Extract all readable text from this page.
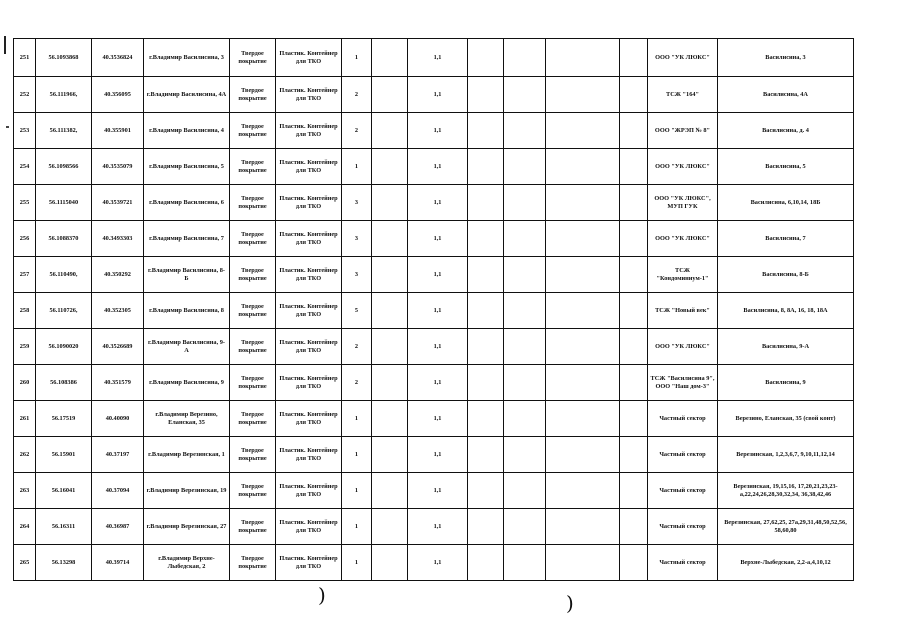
251	56.1093868	40.3536824	г.Владимир Василисина, 3	Твердое покрытие	Пластик. Контейнер для ТКО	1		1,1					ООО "УК ЛЮКС"	Василисина, 3
252	56.111966,	40.356095	г.Владимир Василисина, 4А	Твердое покрытие	Пластик. Контейнер для ТКО	2		1,1					ТСЖ "164"	Василисина, 4А
253	56.111382,	40.355901	г.Владимир Василисина, 4	Твердое покрытие	Пластик. Контейнер для ТКО	2		1,1					ООО "ЖРЭП № 8"	Василисина, д. 4
254	56.1098566	40.3535079	г.Владимир Василисина, 5	Твердое покрытие	Пластик. Контейнер для ТКО	1		1,1					ООО "УК ЛЮКС"	Василисина, 5
255	56.1115040	40.3539721	г.Владимир Василисина, 6	Твердое покрытие	Пластик. Контейнер для ТКО	3		1,1					ООО "УК ЛЮКС", МУП ГУК	Василисина, 6,10,14, 18Б
256	56.1088370	40.3493303	г.Владимир Василисина, 7	Твердое покрытие	Пластик. Контейнер для ТКО	3		1,1					ООО "УК ЛЮКС"	Василисина, 7
257	56.110490,	40.350292	г.Владимир Василисина, 8-Б	Твердое покрытие	Пластик. Контейнер для ТКО	3		1,1					ТСЖ "Кондоминиум-1"	Василисина, 8-Б
258	56.110726,	40.352305	г.Владимир Василисина, 8	Твердое покрытие	Пластик. Контейнер для ТКО	5		1,1					ТСЖ "Новый век"	Василисина, 8, 8А, 16, 18, 18А
259	56.1090020	40.3526689	г.Владимир Василисина, 9-А	Твердое покрытие	Пластик. Контейнер для ТКО	2		1,1					ООО "УК ЛЮКС"	Василисина, 9-А
260	56.108386	40.351579	г.Владимир Василисина, 9	Твердое покрытие	Пластик. Контейнер для ТКО	2		1,1					ТСЖ "Василисина 9", ООО "Наш дом-3"	Василисина, 9
261	56.17519	40.40090	г.Владимир Верезино, Еланская, 35	Твердое покрытие	Пластик. Контейнер для ТКО	1		1,1					Частный сектор	Верезино, Еланская, 35 (свой конт)
262	56.15901	40.37197	г.Владимир Верезинская, 1	Твердое покрытие	Пластик. Контейнер для ТКО	1		1,1					Частный сектор	Верезинская, 1,2,3,6,7, 9,10,11,12,14
263	56.16041	40.37094	г.Владимир Верезинская, 19	Твердое покрытие	Пластик. Контейнер для ТКО	1		1,1					Частный сектор	Верезинская, 19,15,16, 17,20,21,23,23-а,22,24,26,28,30,32,34, 36,38,42,46
264	56.16311	40.36987	г.Владимир Верезинская, 27	Твердое покрытие	Пластик. Контейнер для ТКО	1		1,1					Частный сектор	Верезинская, 27,62,25, 27а,29,31,48,50,52,56, 58,60,80
265	56.13298	40.39714	г.Владимир Верхне-Лыбедская, 2	Твердое покрытие	Пластик. Контейнер для ТКО	1		1,1					Частный сектор	Верхне-Лыбедская, 2,2-а,4,10,12
)	)
